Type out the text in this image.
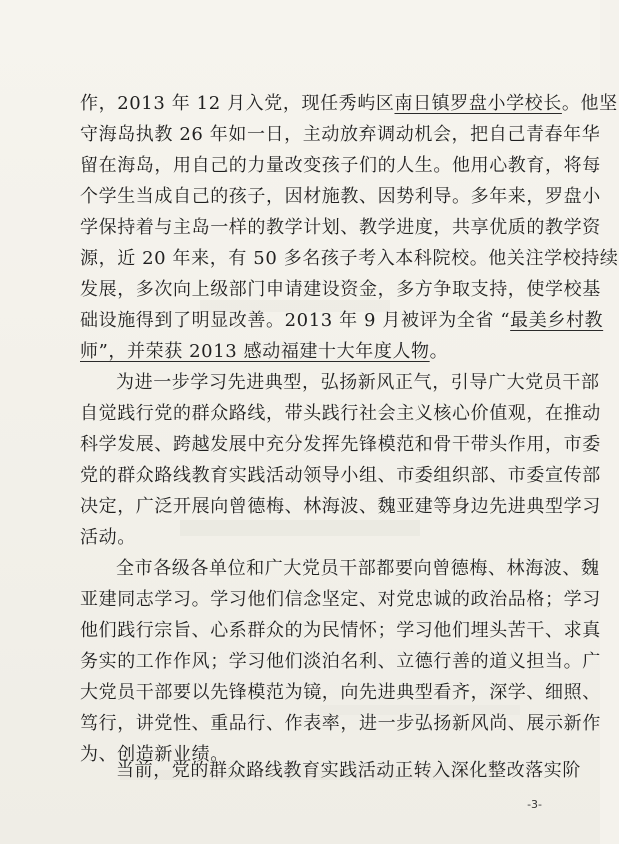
作，2013 年 12 月入党，现任秀屿区南日镇罗盘小学校长。他坚
守海岛执教 26 年如一日，主动放弃调动机会，把自己青春年华
留在海岛，用自己的力量改变孩子们的人生。他用心教育，将每
个学生当成自己的孩子，因材施教、因势利导。多年来，罗盘小
学保持着与主岛一样的教学计划、教学进度，共享优质的教学资
源，近 20 年来，有 50 多名孩子考入本科院校。他关注学校持续
发展，多次向上级部门申请建设资金，多方争取支持，使学校基
础设施得到了明显改善。2013 年 9 月被评为全省 “最美乡村教
师”，并荣获 2013 感动福建十大年度人物。
为进一步学习先进典型，弘扬新风正气，引导广大党员干部
自觉践行党的群众路线，带头践行社会主义核心价值观，在推动
科学发展、跨越发展中充分发挥先锋模范和骨干带头作用，市委
党的群众路线教育实践活动领导小组、市委组织部、市委宣传部
决定，广泛开展向曾德梅、林海波、魏亚建等身边先进典型学习
活动。
全市各级各单位和广大党员干部都要向曾德梅、林海波、魏
亚建同志学习。学习他们信念坚定、对党忠诚的政治品格；学习
他们践行宗旨、心系群众的为民情怀；学习他们埋头苦干、求真
务实的工作作风；学习他们淡泊名利、立德行善的道义担当。广
大党员干部要以先锋模范为镜，向先进典型看齐，深学、细照、
笃行，讲党性、重品行、作表率，进一步弘扬新风尚、展示新作
为、创造新业绩。
当前，党的群众路线教育实践活动正转入深化整改落实阶
-3-
